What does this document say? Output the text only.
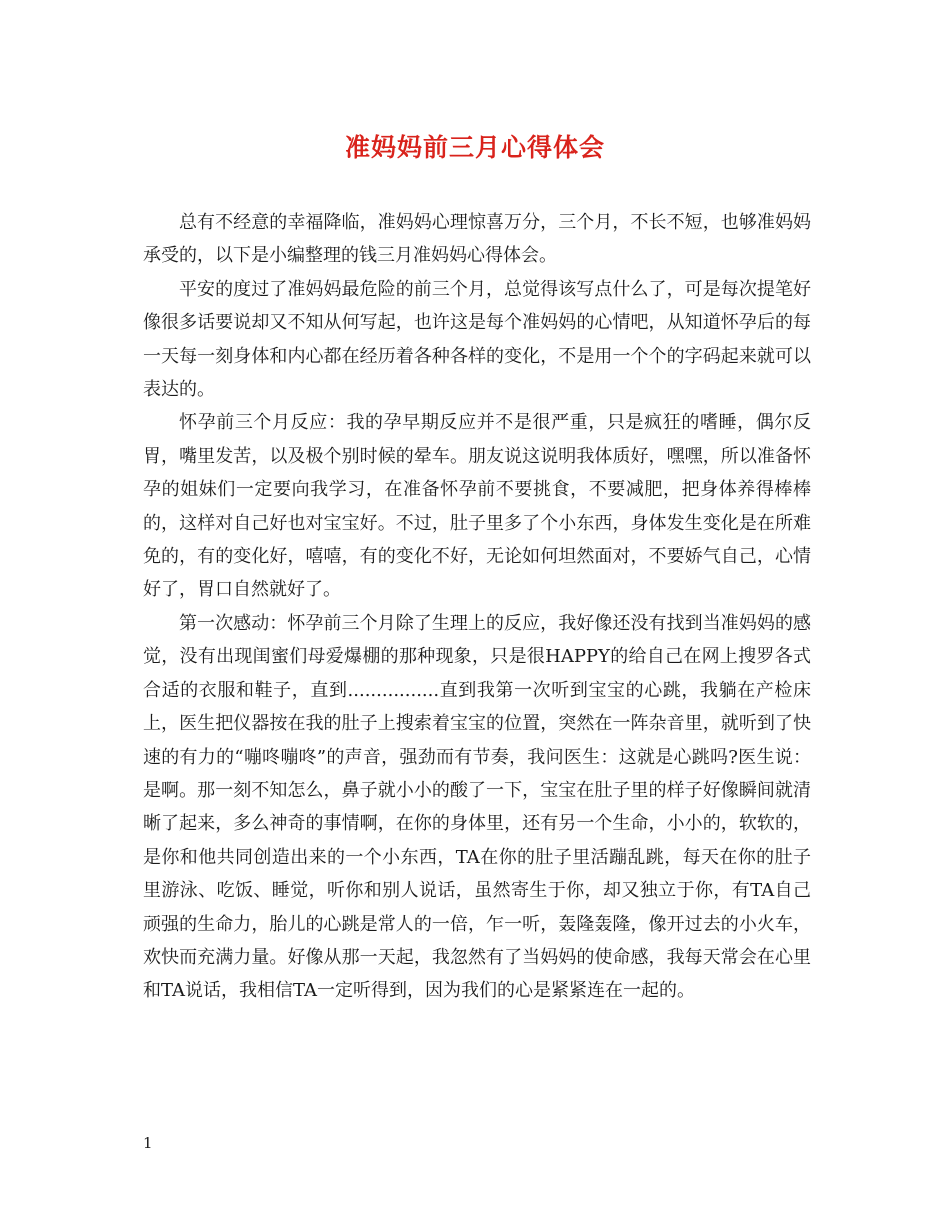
准妈妈前三月心得体会

总有不经意的幸福降临，准妈妈心理惊喜万分，三个月，不长不短，也够准妈妈承受的，以下是小编整理的钱三月准妈妈心得体会。

平安的度过了准妈妈最危险的前三个月，总觉得该写点什么了，可是每次提笔好像很多话要说却又不知从何写起，也许这是每个准妈妈的心情吧，从知道怀孕后的每一天每一刻身体和内心都在经历着各种各样的变化，不是用一个个的字码起来就可以表达的。

怀孕前三个月反应：我的孕早期反应并不是很严重，只是疯狂的嗜睡，偶尔反胃，嘴里发苦，以及极个别时候的晕车。朋友说这说明我体质好，嘿嘿，所以准备怀孕的姐妹们一定要向我学习，在准备怀孕前不要挑食，不要减肥，把身体养得棒棒的，这样对自己好也对宝宝好。不过，肚子里多了个小东西，身体发生变化是在所难免的，有的变化好，嘻嘻，有的变化不好，无论如何坦然面对，不要娇气自己，心情好了，胃口自然就好了。

第一次感动：怀孕前三个月除了生理上的反应，我好像还没有找到当准妈妈的感觉，没有出现闺蜜们母爱爆棚的那种现象，只是很HAPPY的给自己在网上搜罗各式合适的衣服和鞋子，直到................直到我第一次听到宝宝的心跳，我躺在产检床上，医生把仪器按在我的肚子上搜索着宝宝的位置，突然在一阵杂音里，就听到了快速的有力的“嘣咚嘣咚”的声音，强劲而有节奏，我问医生：这就是心跳吗?医生说：是啊。那一刻不知怎么，鼻子就小小的酸了一下，宝宝在肚子里的样子好像瞬间就清晰了起来，多么神奇的事情啊，在你的身体里，还有另一个生命，小小的，软软的，是你和他共同创造出来的一个小东西，TA在你的肚子里活蹦乱跳，每天在你的肚子里游泳、吃饭、睡觉，听你和别人说话，虽然寄生于你，却又独立于你，有TA自己顽强的生命力，胎儿的心跳是常人的一倍，乍一听，轰隆轰隆，像开过去的小火车，欢快而充满力量。好像从那一天起，我忽然有了当妈妈的使命感，我每天常会在心里和TA说话，我相信TA一定听得到，因为我们的心是紧紧连在一起的。

1
